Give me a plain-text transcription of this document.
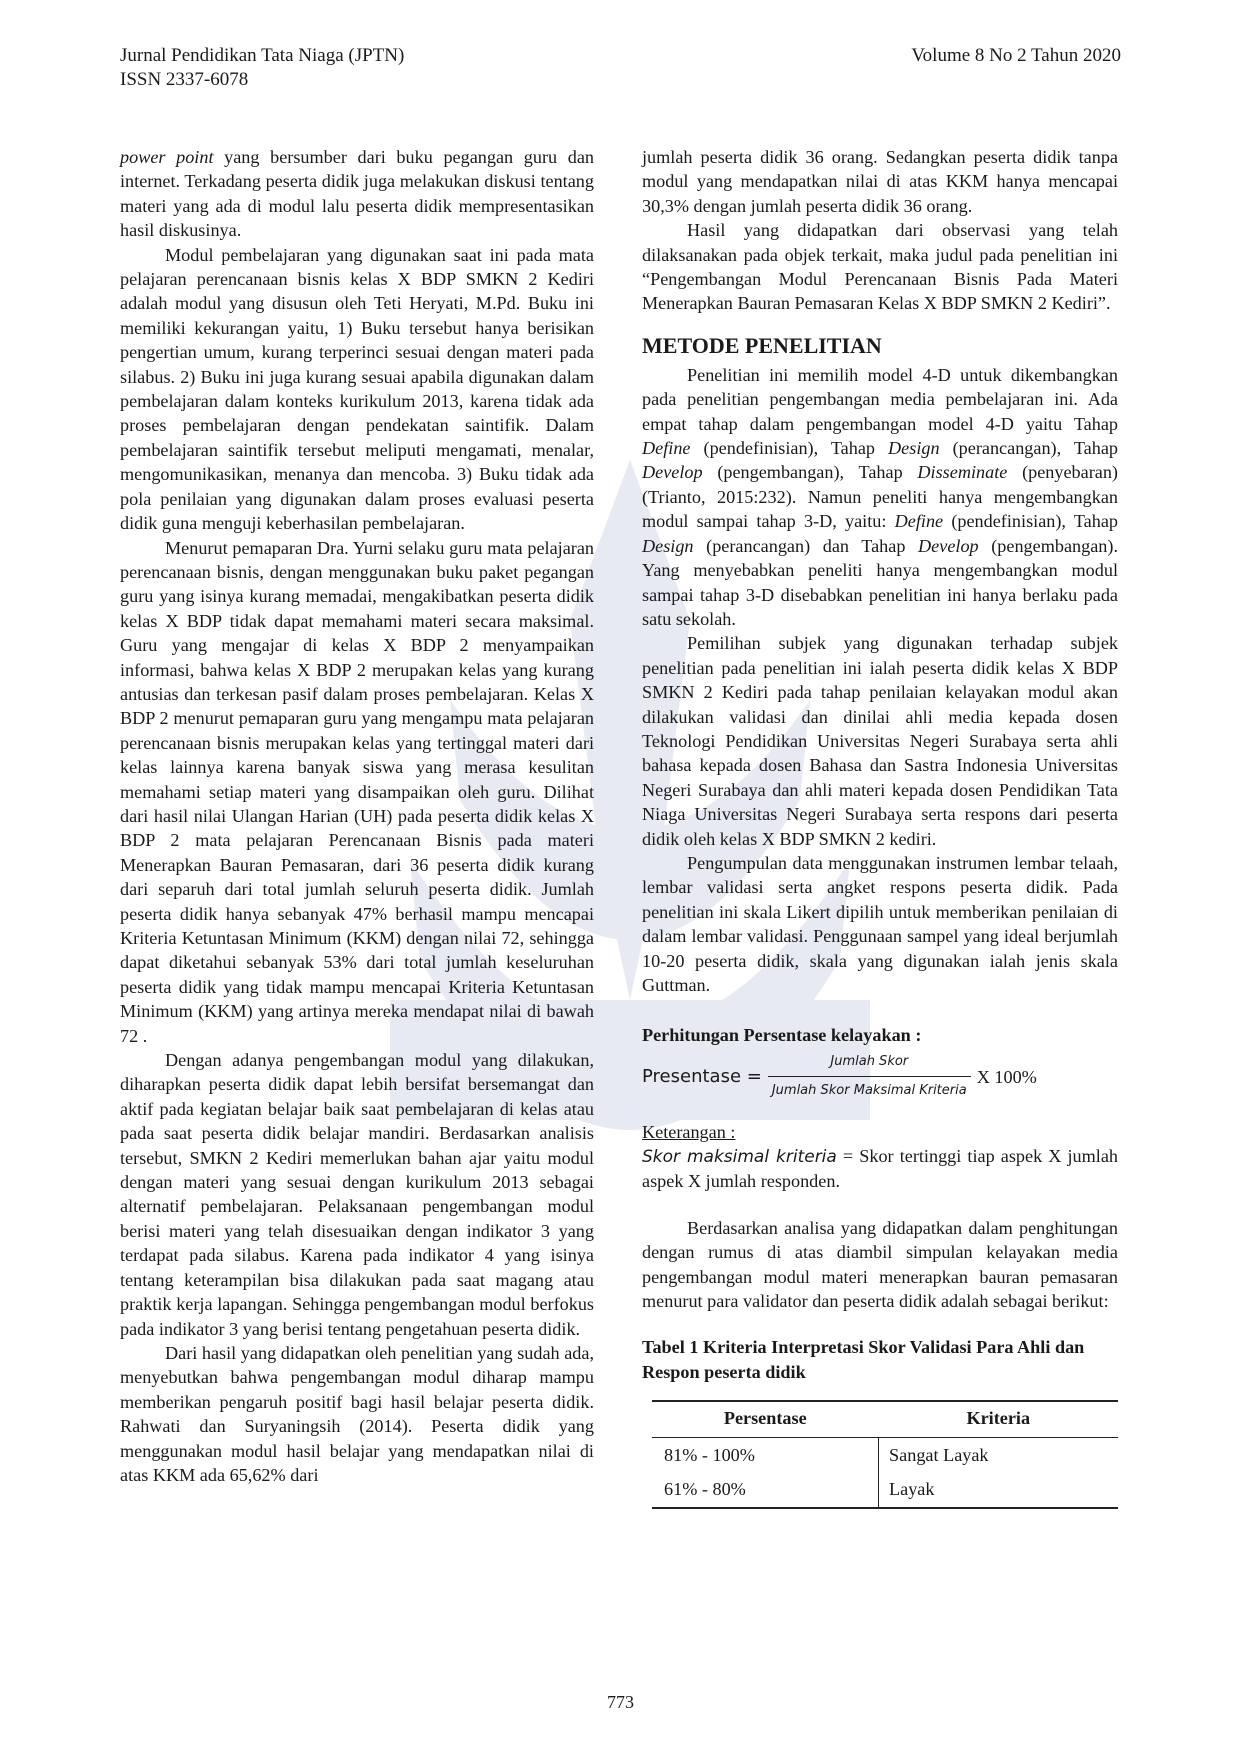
Jurnal Pendidikan Tata Niaga (JPTN)
ISSN 2337-6078
Volume 8 No 2 Tahun 2020

power point yang bersumber dari buku pegangan guru dan internet. Terkadang peserta didik juga melakukan diskusi tentang materi yang ada di modul lalu peserta didik mempresentasikan hasil diskusinya.

Modul pembelajaran yang digunakan saat ini pada mata pelajaran perencanaan bisnis kelas X BDP SMKN 2 Kediri adalah modul yang disusun oleh Teti Heryati, M.Pd. Buku ini memiliki kekurangan yaitu, 1) Buku tersebut hanya berisikan pengertian umum, kurang terperinci sesuai dengan materi pada silabus. 2) Buku ini juga kurang sesuai apabila digunakan dalam pembelajaran dalam konteks kurikulum 2013, karena tidak ada proses pembelajaran dengan pendekatan saintifik. Dalam pembelajaran saintifik tersebut meliputi mengamati, menalar, mengomunikasikan, menanya dan mencoba. 3) Buku tidak ada pola penilaian yang digunakan dalam proses evaluasi peserta didik guna menguji keberhasilan pembelajaran.

Menurut pemaparan Dra. Yurni selaku guru mata pelajaran perencanaan bisnis, dengan menggunakan buku paket pegangan guru yang isinya kurang memadai, mengakibatkan peserta didik kelas X BDP tidak dapat memahami materi secara maksimal. Guru yang mengajar di kelas X BDP 2 menyampaikan informasi, bahwa kelas X BDP 2 merupakan kelas yang kurang antusias dan terkesan pasif dalam proses pembelajaran. Kelas X BDP 2 menurut pemaparan guru yang mengampu mata pelajaran perencanaan bisnis merupakan kelas yang tertinggal materi dari kelas lainnya karena banyak siswa yang merasa kesulitan memahami setiap materi yang disampaikan oleh guru. Dilihat dari hasil nilai Ulangan Harian (UH) pada peserta didik kelas X BDP 2 mata pelajaran Perencanaan Bisnis pada materi Menerapkan Bauran Pemasaran, dari 36 peserta didik kurang dari separuh dari total jumlah seluruh peserta didik. Jumlah peserta didik hanya sebanyak 47% berhasil mampu mencapai Kriteria Ketuntasan Minimum (KKM) dengan nilai 72, sehingga dapat diketahui sebanyak 53% dari total jumlah keseluruhan peserta didik yang tidak mampu mencapai Kriteria Ketuntasan Minimum (KKM) yang artinya mereka mendapat nilai di bawah 72 .

Dengan adanya pengembangan modul yang dilakukan, diharapkan peserta didik dapat lebih bersifat bersemangat dan aktif pada kegiatan belajar baik saat pembelajaran di kelas atau pada saat peserta didik belajar mandiri. Berdasarkan analisis tersebut, SMKN 2 Kediri memerlukan bahan ajar yaitu modul dengan materi yang sesuai dengan kurikulum 2013 sebagai alternatif pembelajaran. Pelaksanaan pengembangan modul berisi materi yang telah disesuaikan dengan indikator 3 yang terdapat pada silabus. Karena pada indikator 4 yang isinya tentang keterampilan bisa dilakukan pada saat magang atau praktik kerja lapangan. Sehingga pengembangan modul berfokus pada indikator 3 yang berisi tentang pengetahuan peserta didik.

Dari hasil yang didapatkan oleh penelitian yang sudah ada, menyebutkan bahwa pengembangan modul diharap mampu memberikan pengaruh positif bagi hasil belajar peserta didik. Rahwati dan Suryaningsih (2014). Peserta didik yang menggunakan modul hasil belajar yang mendapatkan nilai di atas KKM ada 65,62% dari

jumlah peserta didik 36 orang. Sedangkan peserta didik tanpa modul yang mendapatkan nilai di atas KKM hanya mencapai 30,3% dengan jumlah peserta didik 36 orang.

Hasil yang didapatkan dari observasi yang telah dilaksanakan pada objek terkait, maka judul pada penelitian ini “Pengembangan Modul Perencanaan Bisnis Pada Materi Menerapkan Bauran Pemasaran Kelas X BDP SMKN 2 Kediri”.

METODE PENELITIAN

Penelitian ini memilih model 4-D untuk dikembangkan pada penelitian pengembangan media pembelajaran ini. Ada empat tahap dalam pengembangan model 4-D yaitu Tahap Define (pendefinisian), Tahap Design (perancangan), Tahap Develop (pengembangan), Tahap Disseminate (penyebaran) (Trianto, 2015:232). Namun peneliti hanya mengembangkan modul sampai tahap 3-D, yaitu: Define (pendefinisian), Tahap Design (perancangan) dan Tahap Develop (pengembangan). Yang menyebabkan peneliti hanya mengembangkan modul sampai tahap 3-D disebabkan penelitian ini hanya berlaku pada satu sekolah.

Pemilihan subjek yang digunakan terhadap subjek penelitian pada penelitian ini ialah peserta didik kelas X BDP SMKN 2 Kediri pada tahap penilaian kelayakan modul akan dilakukan validasi dan dinilai ahli media kepada dosen Teknologi Pendidikan Universitas Negeri Surabaya serta ahli bahasa kepada dosen Bahasa dan Sastra Indonesia Universitas Negeri Surabaya dan ahli materi kepada dosen Pendidikan Tata Niaga Universitas Negeri Surabaya serta respons dari peserta didik oleh kelas X BDP SMKN 2 kediri.

Pengumpulan data menggunakan instrumen lembar telaah, lembar validasi serta angket respons peserta didik. Pada penelitian ini skala Likert dipilih untuk memberikan penilaian di dalam lembar validasi. Penggunaan sampel yang ideal berjumlah 10-20 peserta didik, skala yang digunakan ialah jenis skala Guttman.

Perhitungan Persentase kelayakan :

Presentase = $\frac{\text{Jumlah Skor}}{\text{Jumlah Skor Maksimal Kriteria}}$ X 100%

Keterangan :

Skor maksimal kriteria = Skor tertinggi tiap aspek X jumlah aspek X jumlah responden.

Berdasarkan analisa yang didapatkan dalam penghitungan dengan rumus di atas diambil simpulan kelayakan media pengembangan modul materi menerapkan bauran pemasaran menurut para validator dan peserta didik adalah sebagai berikut:

Tabel 1 Kriteria Interpretasi Skor Validasi Para Ahli dan Respon peserta didik

Persentase	Kriteria
81% - 100%	Sangat Layak
61% - 80%	Layak
773
